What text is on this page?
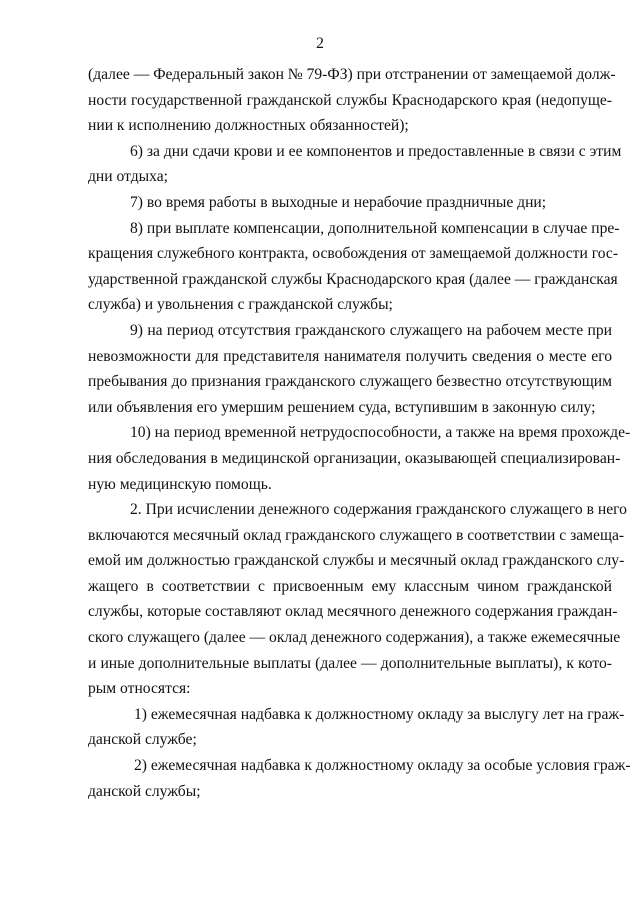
2
(далее — Федеральный закон № 79-ФЗ) при отстранении от замещаемой долж-
ности государственной гражданской службы Краснодарского края (недопуще-
нии к исполнению должностных обязанностей);
6) за дни сдачи крови и ее компонентов и предоставленные в связи с этим
дни отдыха;
7) во время работы в выходные и нерабочие праздничные дни;
8) при выплате компенсации, дополнительной компенсации в случае пре-
кращения служебного контракта, освобождения от замещаемой должности гос-
ударственной гражданской службы Краснодарского края (далее — гражданская
служба) и увольнения с гражданской службы;
9) на период отсутствия гражданского служащего на рабочем месте при
невозможности для представителя нанимателя получить сведения о месте его
пребывания до признания гражданского служащего безвестно отсутствующим
или объявления его умершим решением суда, вступившим в законную силу;
10) на период временной нетрудоспособности, а также на время прохожде-
ния обследования в медицинской организации, оказывающей специализирован-
ную медицинскую помощь.
2. При исчислении денежного содержания гражданского служащего в него
включаются месячный оклад гражданского служащего в соответствии с замеща-
емой им должностью гражданской службы и месячный оклад гражданского слу-
жащего в соответствии с присвоенным ему классным чином гражданской
службы, которые составляют оклад месячного денежного содержания граждан-
ского служащего (далее — оклад денежного содержания), а также ежемесячные
и иные дополнительные выплаты (далее — дополнительные выплаты), к кото-
рым относятся:
1) ежемесячная надбавка к должностному окладу за выслугу лет на граж-
данской службе;
2) ежемесячная надбавка к должностному окладу за особые условия граж-
данской службы;
